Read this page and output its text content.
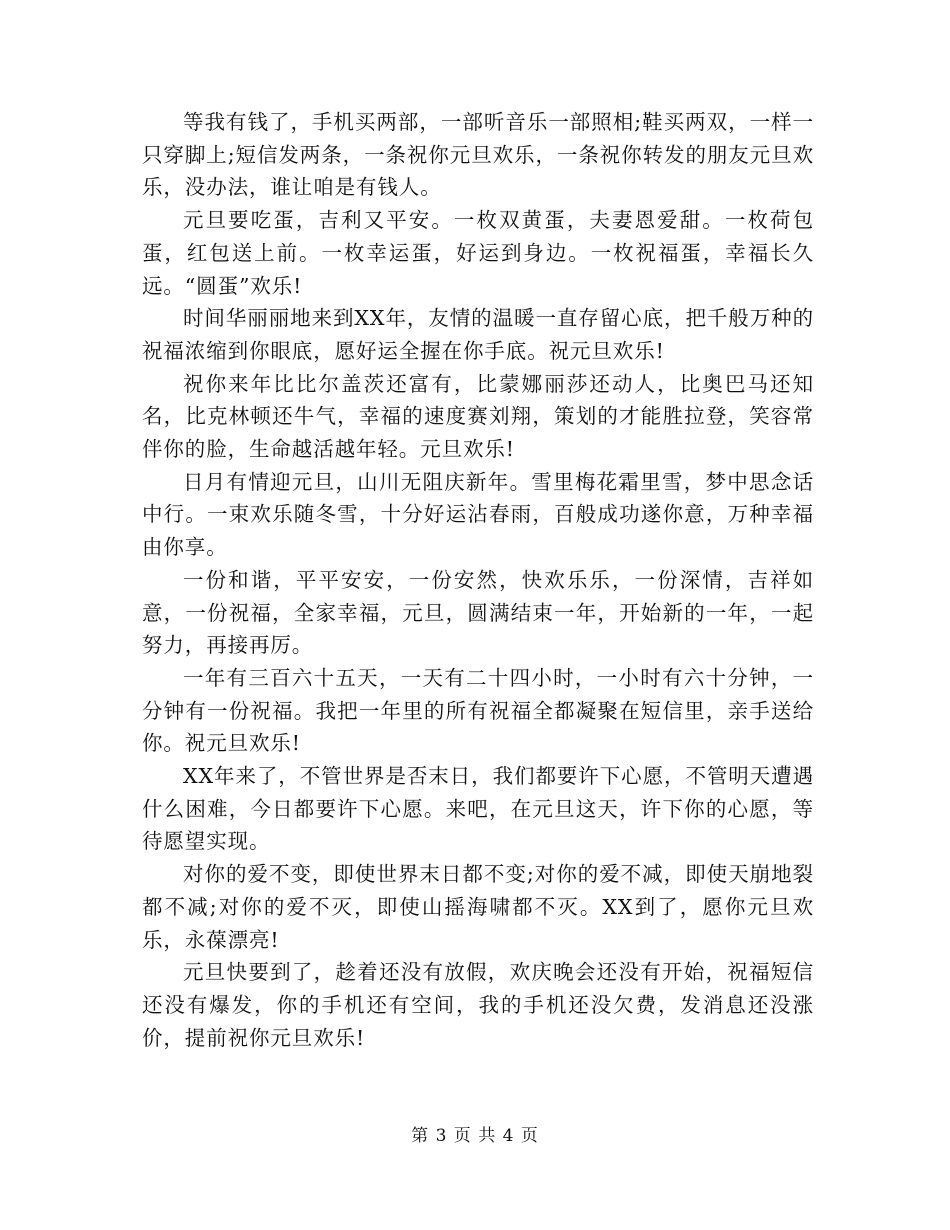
等我有钱了，手机买两部，一部听音乐一部照相;鞋买两双，一样一只穿脚上;短信发两条，一条祝你元旦欢乐，一条祝你转发的朋友元旦欢乐，没办法，谁让咱是有钱人。

元旦要吃蛋，吉利又平安。一枚双黄蛋，夫妻恩爱甜。一枚荷包蛋，红包送上前。一枚幸运蛋，好运到身边。一枚祝福蛋，幸福长久远。“圆蛋”欢乐!

时间华丽丽地来到XX年，友情的温暖一直存留心底，把千般万种的祝福浓缩到你眼底，愿好运全握在你手底。祝元旦欢乐!

祝你来年比比尔盖茨还富有，比蒙娜丽莎还动人，比奥巴马还知名，比克林顿还牛气，幸福的速度赛刘翔，策划的才能胜拉登，笑容常伴你的脸，生命越活越年轻。元旦欢乐!

日月有情迎元旦，山川无阻庆新年。雪里梅花霜里雪，梦中思念话中行。一束欢乐随冬雪，十分好运沾春雨，百般成功遂你意，万种幸福由你享。

一份和谐，平平安安，一份安然，快欢乐乐，一份深情，吉祥如意，一份祝福，全家幸福，元旦，圆满结束一年，开始新的一年，一起努力，再接再厉。

一年有三百六十五天，一天有二十四小时，一小时有六十分钟，一分钟有一份祝福。我把一年里的所有祝福全都凝聚在短信里，亲手送给你。祝元旦欢乐!

XX年来了，不管世界是否末日，我们都要许下心愿，不管明天遭遇什么困难，今日都要许下心愿。来吧，在元旦这天，许下你的心愿，等待愿望实现。

对你的爱不变，即使世界末日都不变;对你的爱不减，即使天崩地裂都不减;对你的爱不灭，即使山摇海啸都不灭。XX到了，愿你元旦欢乐，永葆漂亮!

元旦快要到了，趁着还没有放假，欢庆晚会还没有开始，祝福短信还没有爆发，你的手机还有空间，我的手机还没欠费，发消息还没涨价，提前祝你元旦欢乐!

第 3 页 共 4 页
